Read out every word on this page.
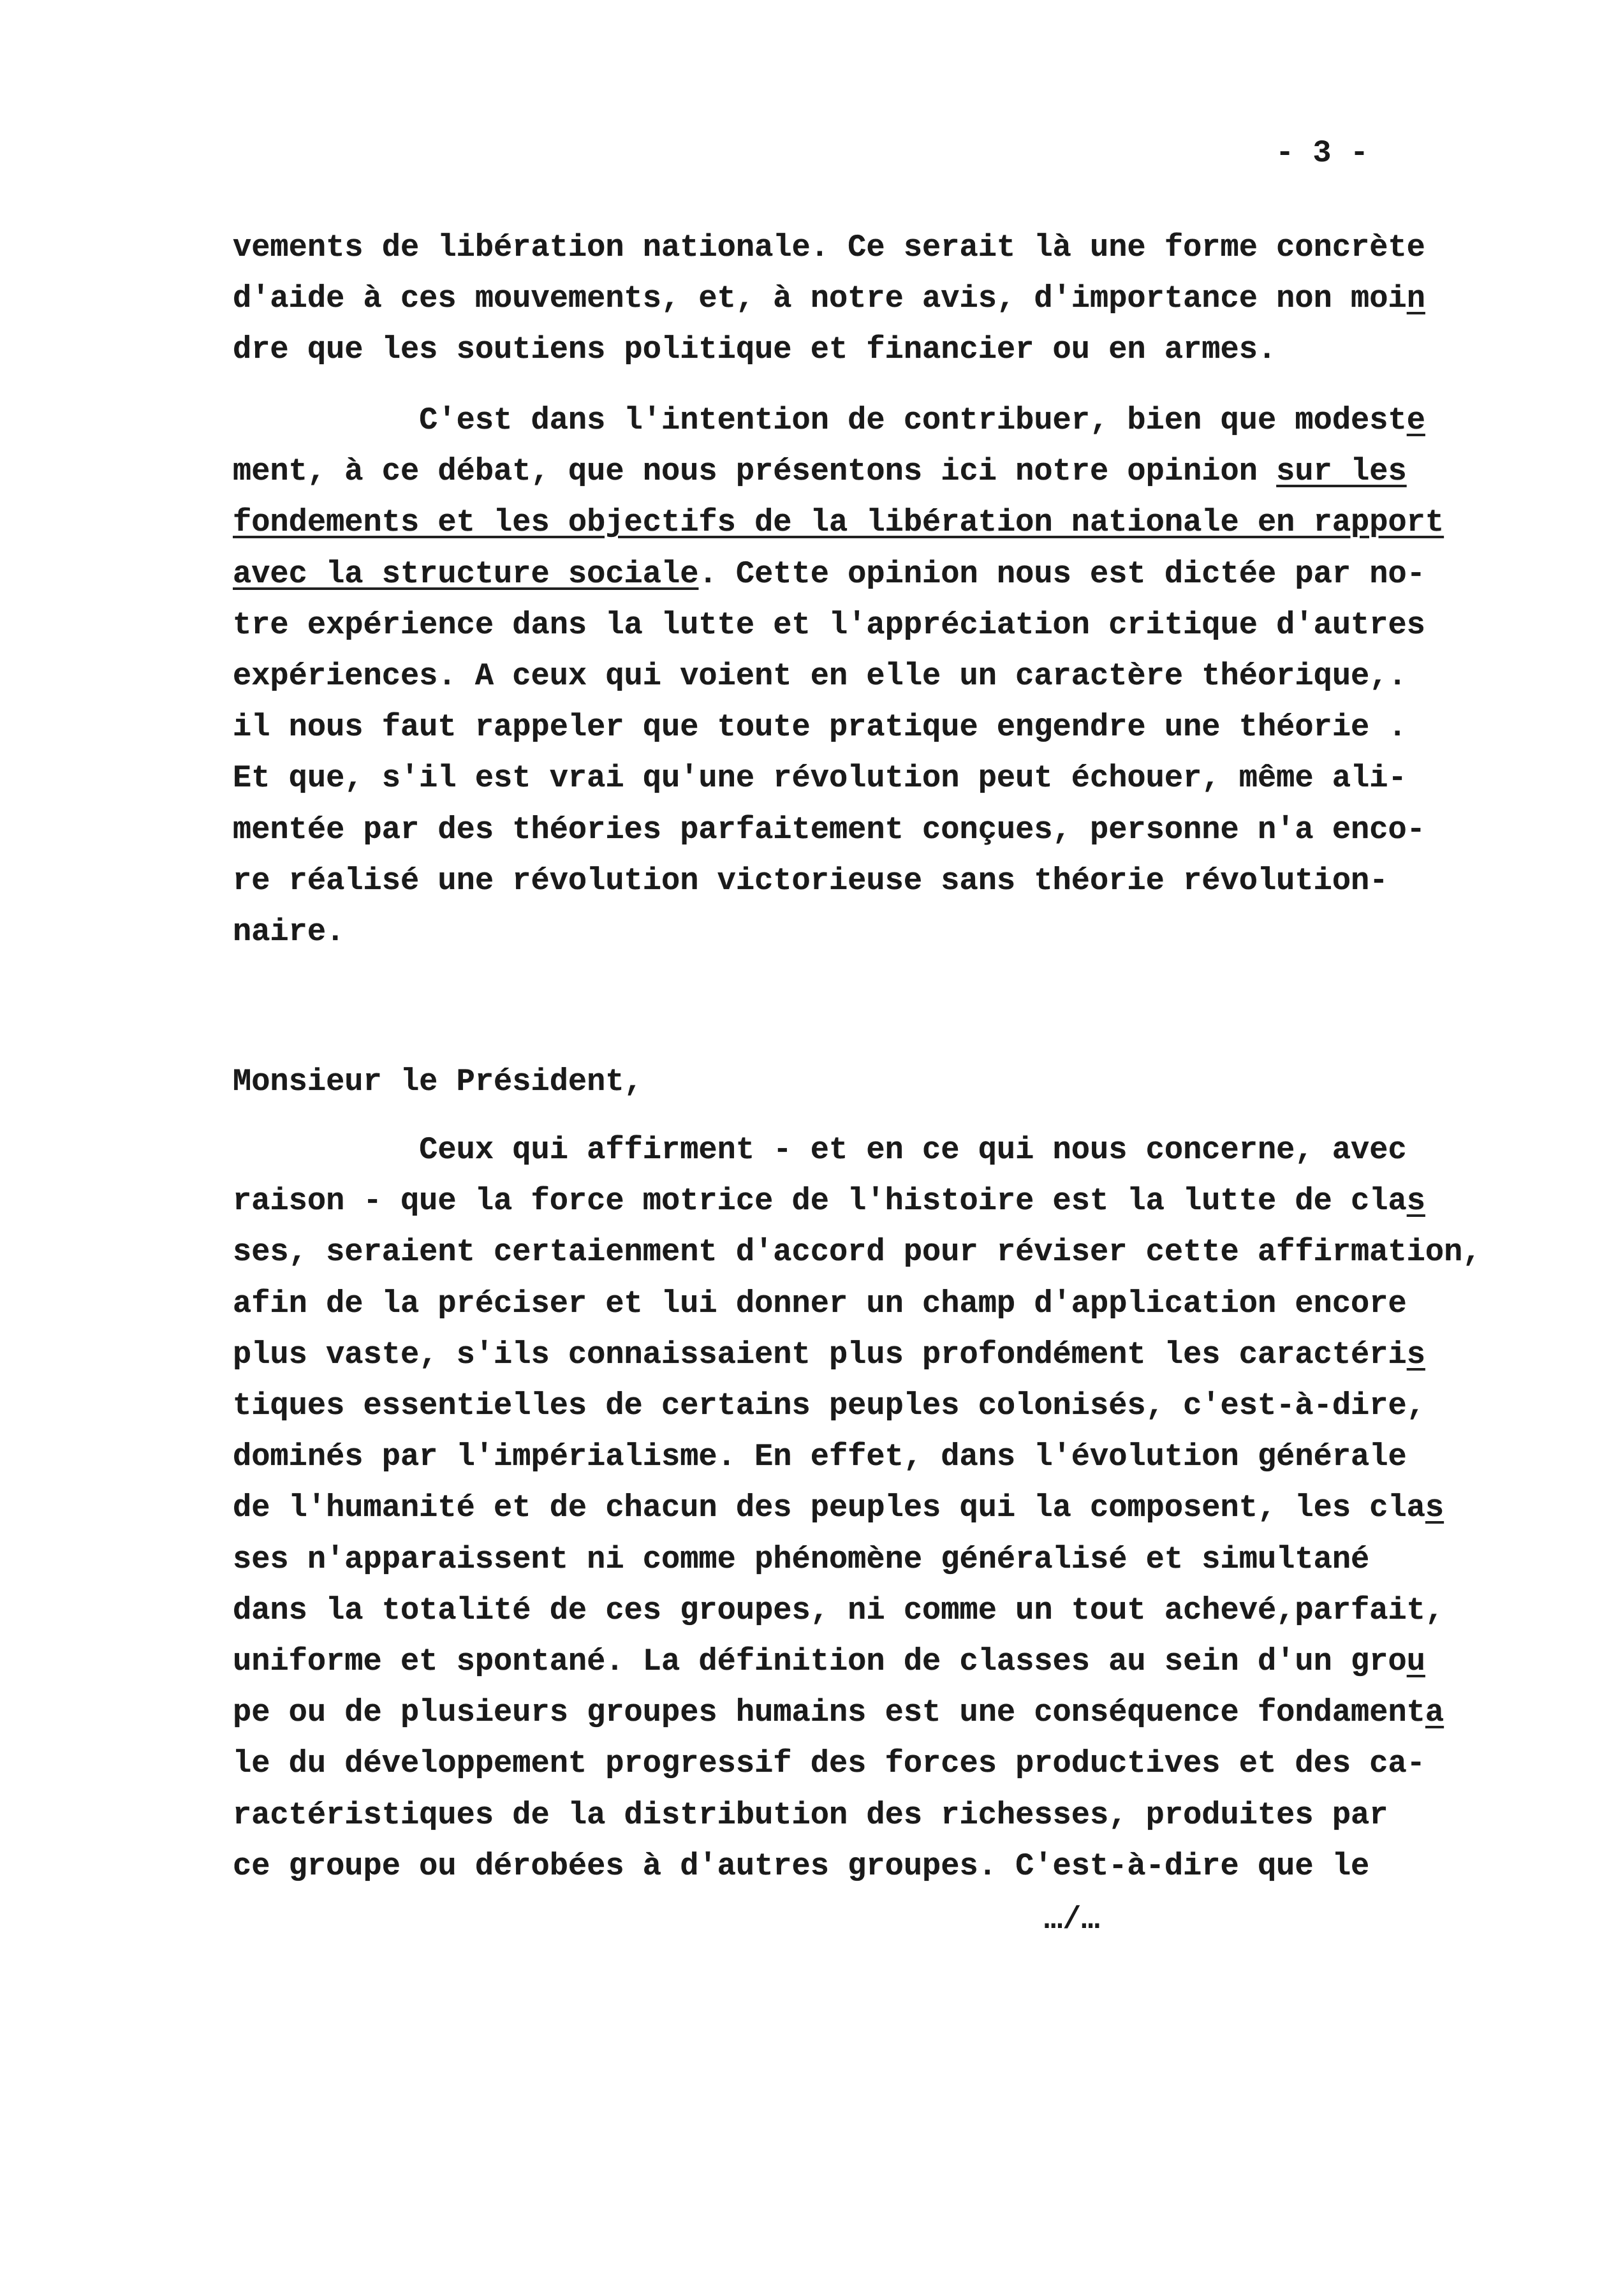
- 3 -
vements de libération nationale. Ce serait là une forme concrète
d'aide à ces mouvements, et, à notre avis, d'importance non moin
dre que les soutiens politique et financier ou en armes.
C'est dans l'intention de contribuer, bien que modeste
ment, à ce débat, que nous présentons ici notre opinion sur les
fondements et les objectifs de la libération nationale en rapport
avec la structure sociale. Cette opinion nous est dictée par no-
tre expérience dans la lutte et l'appréciation critique d'autres
expériences. A ceux qui voient en elle un caractère théorique,.
il nous faut rappeler que toute pratique engendre une théorie .
Et que, s'il est vrai qu'une révolution peut échouer, même ali-
mentée par des théories parfaitement conçues, personne n'a enco-
re réalisé une révolution victorieuse sans théorie révolution-
naire.
Monsieur le Président,
Ceux qui affirment - et en ce qui nous concerne, avec
raison - que la force motrice de l'histoire est la lutte de clas
ses, seraient certaienment d'accord pour réviser cette affirmation,
afin de la préciser et lui donner un champ d'application encore
plus vaste, s'ils connaissaient plus profondément les caractéris
tiques essentielles de certains peuples colonisés, c'est-à-dire,
dominés par l'impérialisme. En effet, dans l'évolution générale
de l'humanité et de chacun des peuples qui la composent, les clas
ses n'apparaissent ni comme phénomène généralisé et simultané
dans la totalité de ces groupes, ni comme un tout achevé,parfait,
uniforme et spontané. La définition de classes au sein d'un grou
pe ou de plusieurs groupes humains est une conséquence fondamenta
le du développement progressif des forces productives et des ca-
ractéristiques de la distribution des richesses, produites par
ce groupe ou dérobées à d'autres groupes. C'est-à-dire que le
…/…
